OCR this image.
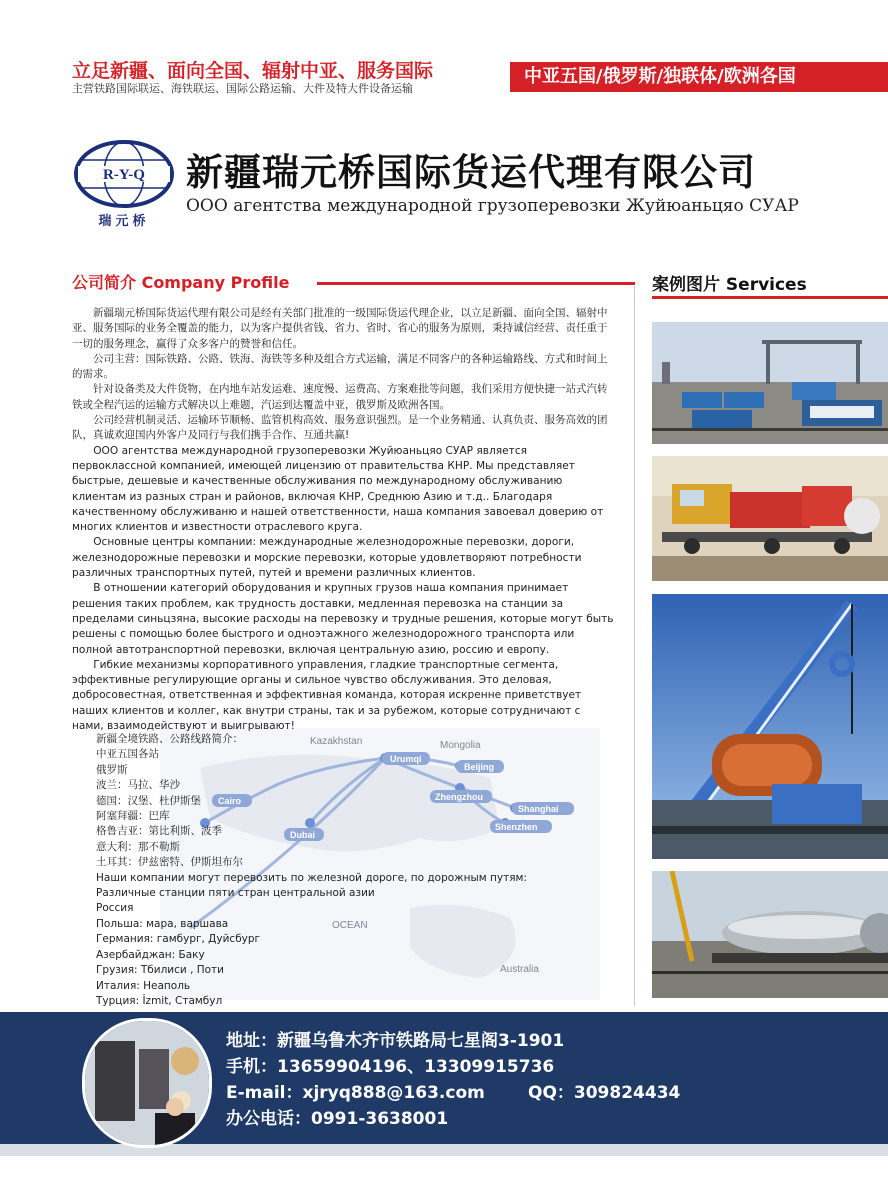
立足新疆、面向全国、辐射中亚、服务国际
主营铁路国际联运、海铁联运、国际公路运输、大件及特大件设备运输
中亚五国/俄罗斯/独联体/欧洲各国
R-Y-Q
瑞元桥
新疆瑞元桥国际货运代理有限公司
ООО агентства международной грузоперевозки Жуйюаньцяо СУАР
公司简介 Company Profile	案例图片 Services
Kazakhstan	Mongolia
OCEAN
Australia
Urumqi
Beijing
Zhengzhou
Shanghai
Shenzhen
Cairo
Dubai

新疆瑞元桥国际货运代理有限公司是经有关部门批准的一级国际货运代理企业，以立足新疆、面向全国、辐射中亚、服务国际的业务全覆盖的能力，以为客户提供省钱、省力、省时、省心的服务为原则，秉持诚信经营、责任重于一切的服务理念，赢得了众多客户的赞誉和信任。

公司主营：国际铁路、公路、铁海、海铁等多种及组合方式运输，满足不同客户的各种运输路线、方式和时间上的需求。

针对设备类及大件货物，在内地车站发运难、速度慢、运费高、方案难批等问题，我们采用方便快捷一站式汽转铁或全程汽运的运输方式解决以上难题，汽运到达覆盖中亚，俄罗斯及欧洲各国。

公司经营机制灵活、运输环节顺畅、监管机构高效、服务意识强烈。是一个业务精通、认真负责、服务高效的团队，真诚欢迎国内外客户及同行与我们携手合作、互通共赢!

ООО агентства международной грузоперевозки Жуйюаньцяо СУАР является первоклассной компанией, имеющей лицензию от правительства КНР. Мы представляет быстрые, дешевые и качественные обслуживания по международному обслуживанию клиентам из разных стран и районов, включая КНР, Среднюю Азию и т.д.. Благодаря качественному обслуживаню и нашей ответственности, наша компания завоевал доверию от многих клиентов и известности отраслевого круга.

Основные центры компании: международные железнодорожные перевозки, дороги, железнодорожные перевозки и морские перевозки, которые удовлетворяют потребности различных транспортных путей, путей и времени различных клиентов.

В отношении категорий оборудования и крупных грузов наша компания принимает решения таких проблем, как трудность доставки, медленная перевозка на станции за пределами синьцзяна, высокие расходы на перевозку и трудные решения, которые могут быть решены с помощью более быстрого и одноэтажного железнодорожного транспорта или полной автотранспортной перевозки, включая центральную азию, россию и европу.

Гибкие механизмы корпоративного управления, гладкие транспортные сегмента, эффективные регулирующие органы и сильное чувство обслуживания. Это деловая, добросовестная, ответственная и эффективная команда, которая искренне приветствует наших клиентов и коллег, как внутри страны, так и за рубежом, которые сотрудничают с нами, взаимодействуют и выигрывают!

新疆全境铁路、公路线路简介：
中亚五国各站
俄罗斯
波兰：马拉、华沙
德国：汉堡、杜伊斯堡
阿塞拜疆：巴库
格鲁吉亚：第比利斯、波季
意大利：那不勒斯
土耳其：伊兹密特、伊斯坦布尔
Наши компании могут перевозить по железной дороге, по дорожным путям:
Различные станции пяти стран центральной азии
Россия
Польша: мара, варшава
Германия: гамбург, Дуйсбург
Азербайджан: Баку
Грузия: Тбилиси , Поти
Италия: Неаполь
Турция: İzmit, Стамбул
地址：新疆乌鲁木齐市铁路局七星阁3-1901
手机：13659904196、13309915736
E-mail：xjryq888@163.com	QQ：309824434
办公电话：0991-3638001
